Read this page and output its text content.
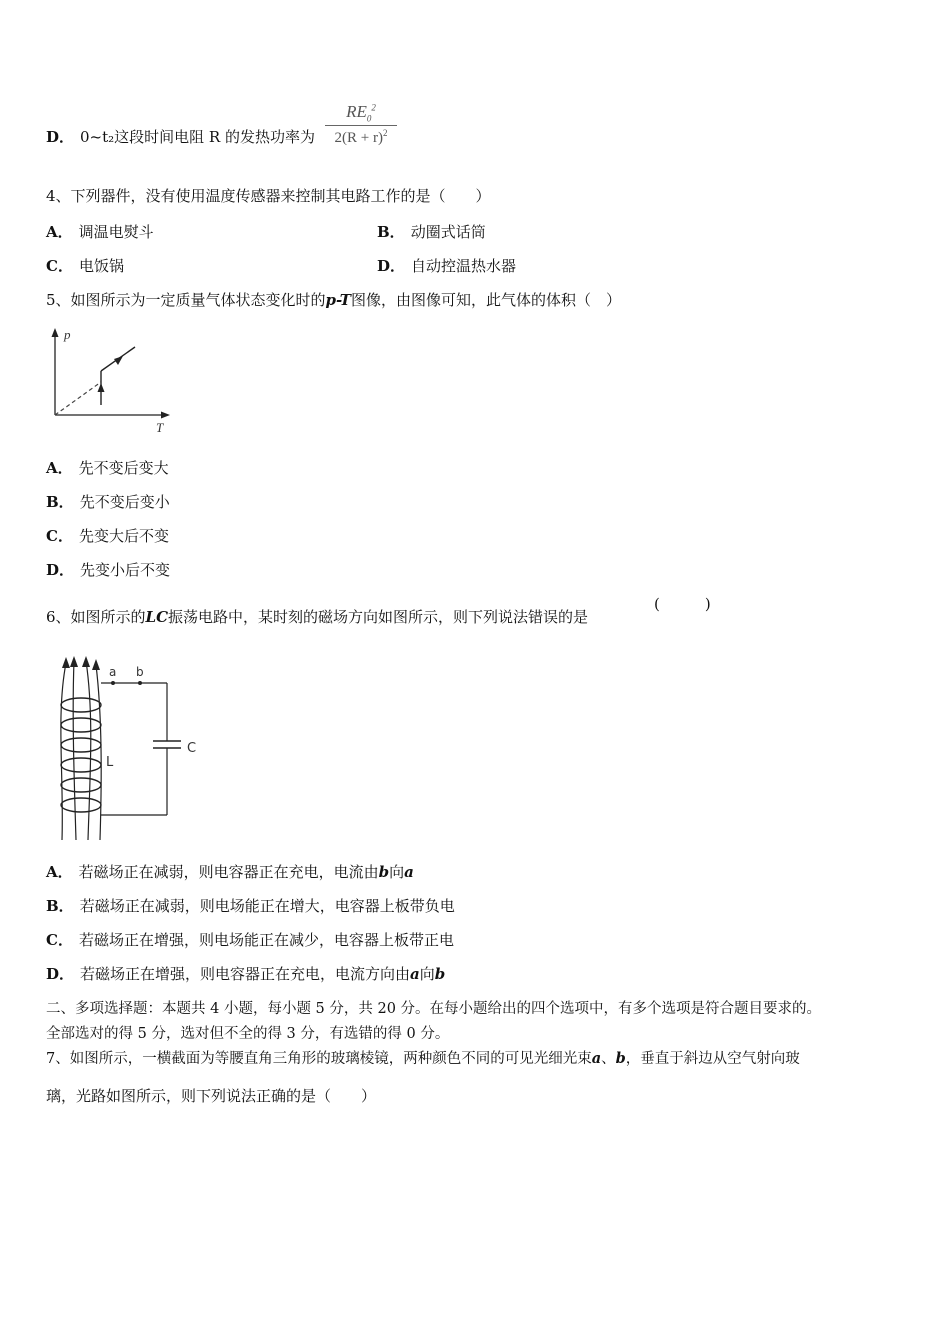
D． 0~t₂这段时间电阻 R 的发热功率为 $\frac{RE_0^2}{2(R + r)^2}$
4、下列器件，没有使用温度传感器来控制其电路工作的是（　　）
A． 调温电熨斗	B． 动圈式话筒
C． 电饭锅	D． 自动控温热水器
5、如图所示为一定质量气体状态变化时的p-T图像，由图像可知，此气体的体积（　）
p
T
A． 先不变后变大
B． 先不变后变小
C． 先变大后不变
D． 先变小后不变
6、如图所示的LC振荡电路中，某时刻的磁场方向如图所示，则下列说法错误的是
(　　　)
a b
L
C
A． 若磁场正在减弱，则电容器正在充电，电流由b向a
B． 若磁场正在减弱，则电场能正在增大，电容器上板带负电
C． 若磁场正在增强，则电场能正在减少，电容器上板带正电
D． 若磁场正在增强，则电容器正在充电，电流方向由a向b
二、多项选择题：本题共 4 小题，每小题 5 分，共 20 分。在每小题给出的四个选项中，有多个选项是符合题目要求的。
全部选对的得 5 分，选对但不全的得 3 分，有选错的得 0 分。
7、如图所示，一横截面为等腰直角三角形的玻璃棱镜，两种颜色不同的可见光细光束a、b，垂直于斜边从空气射向玻
璃，光路如图所示，则下列说法正确的是（　　）
